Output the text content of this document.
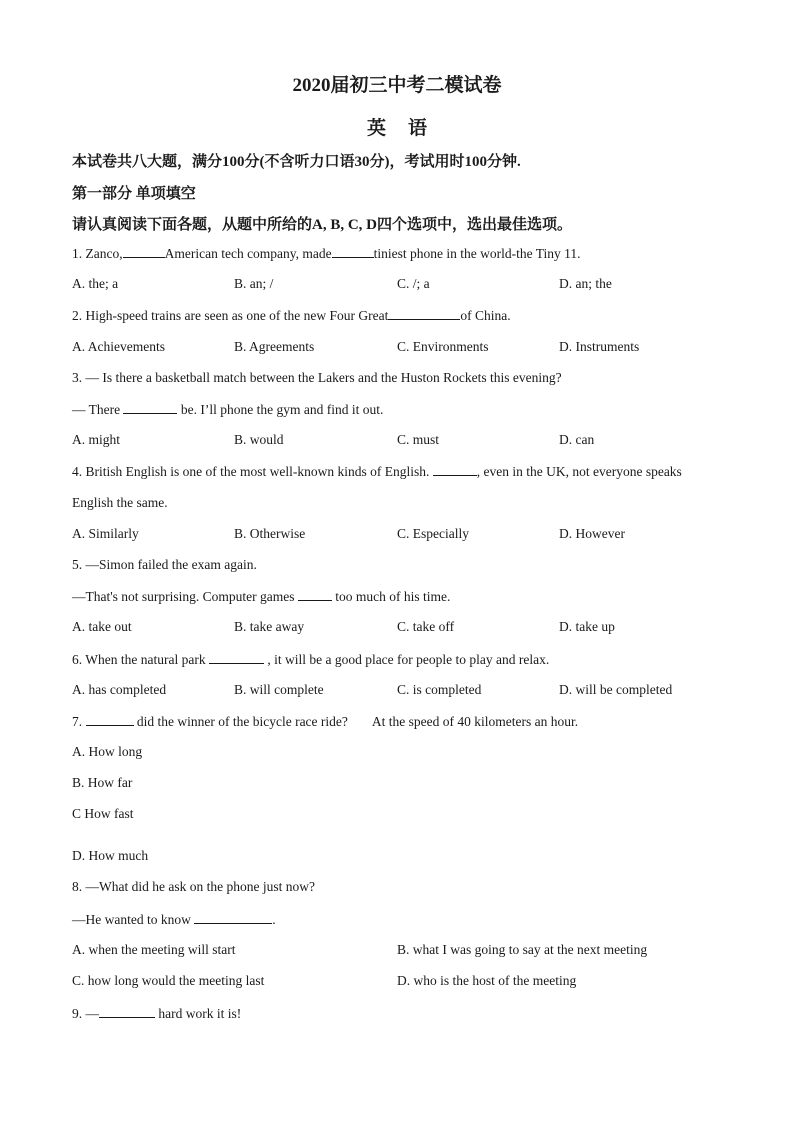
2020届初三中考二模试卷
英语
本试卷共八大题，满分100分(不含听力口语30分)，考试用时100分钟.
第一部分 单项填空
请认真阅读下面各题，从题中所给的A, B, C, D四个选项中，选出最佳选项。
1. Zanco,	American tech company, made	tiniest phone in the world-the Tiny 11.
A. the; a	B. an; /	C. /; a	D. an; the
2. High-speed trains are seen as one of the new Four Great	of China.
A. Achievements	B. Agreements	C. Environments	D. Instruments
3. — Is there a basketball match between the Lakers and the Huston Rockets this evening?
— There	be. I’ll phone the gym and find it out.
A. might	B. would	C. must	D. can
4. British English is one of the most well-known kinds of English.	, even in the UK, not everyone speaks
English the same.
A. Similarly	B. Otherwise	C. Especially	D. However
5. —Simon failed the exam again.
—That's not surprising. Computer games	too much of his time.
A. take out	B. take away	C. take off	D. take up
6. When the natural park	, it will be a good place for people to play and relax.
A. has completed	B. will complete	C. is completed	D. will be completed
7.	did the winner of the bicycle race ride? At the speed of 40 kilometers an hour.
A. How long
B. How far
C How fast
D. How much
8. —What did he ask on the phone just now?
—He wanted to know	.
A. when the meeting will start	B. what I was going to say at the next meeting
C. how long would the meeting last	D. who is the host of the meeting
9. —	hard work it is!
